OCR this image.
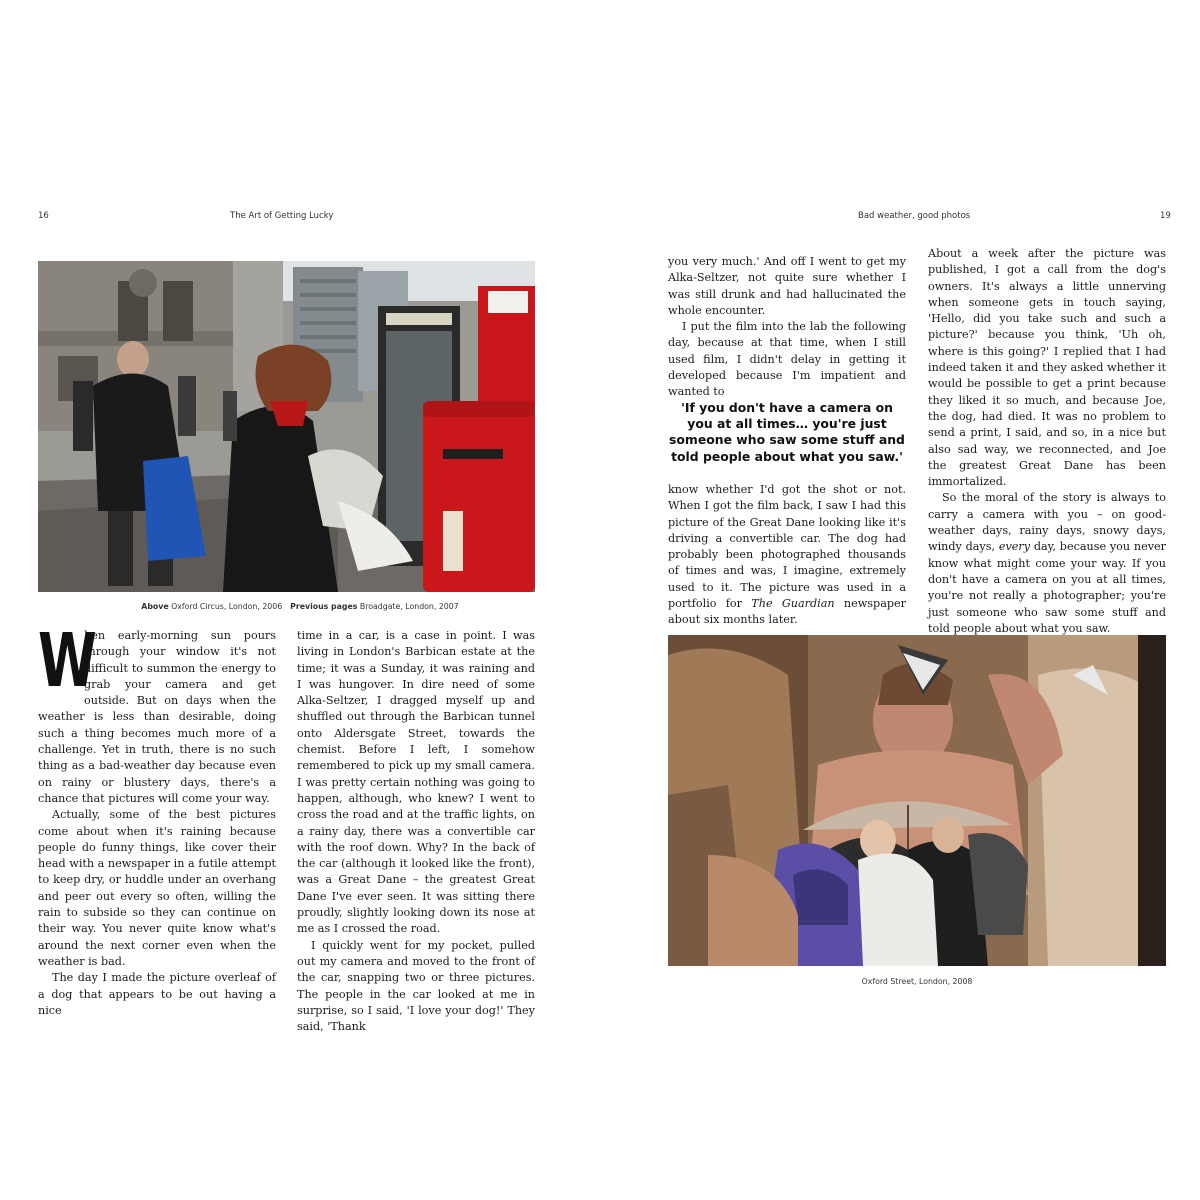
16	The Art of Getting Lucky
Above Oxford Circus, London, 2006 Previous pages Broadgate, London, 2007

W
hen early-morning sun pours through your window it's not difficult to summon the energy to grab your camera and get outside. But on days when the weather is less than desirable, doing such a thing becomes much more of a challenge. Yet in truth, there is no such thing as a bad-weather day because even on rainy or blustery days, there's a chance that pictures will come your way.

Actually, some of the best pictures come about when it's raining because people do funny things, like cover their head with a newspaper in a futile attempt to keep dry, or huddle under an overhang and peer out every so often, willing the rain to subside so they can continue on their way. You never quite know what's around the next corner even when the weather is bad.

The day I made the picture overleaf of a dog that appears to be out having a nice

time in a car, is a case in point. I was living in London's Barbican estate at the time; it was a Sunday, it was raining and I was hungover. In dire need of some Alka-Seltzer, I dragged myself up and shuffled out through the Barbican tunnel onto Aldersgate Street, towards the chemist. Before I left, I somehow remembered to pick up my small camera. I was pretty certain nothing was going to happen, although, who knew? I went to cross the road and at the traffic lights, on a rainy day, there was a convertible car with the roof down. Why? In the back of the car (although it looked like the front), was a Great Dane – the greatest Great Dane I've ever seen. It was sitting there proudly, slightly looking down its nose at me as I crossed the road.

I quickly went for my pocket, pulled out my camera and moved to the front of the car, snapping two or three pictures. The people in the car looked at me in surprise, so I said, 'I love your dog!' They said, 'Thank

Bad weather, good photos	19

you very much.' And off I went to get my Alka-Seltzer, not quite sure whether I was still drunk and had hallucinated the whole encounter.

I put the film into the lab the following day, because at that time, when I still used film, I didn't delay in getting it developed because I'm impatient and wanted to

'If you don't have a camera on you at all times… you're just someone who saw some stuff and told people about what you saw.'

know whether I'd got the shot or not. When I got the film back, I saw I had this picture of the Great Dane looking like it's driving a convertible car. The dog had probably been photographed thousands of times and was, I imagine, extremely used to it. The picture was used in a portfolio for The Guardian newspaper about six months later.

About a week after the picture was published, I got a call from the dog's owners. It's always a little unnerving when someone gets in touch saying, 'Hello, did you take such and such a picture?' because you think, 'Uh oh, where is this going?' I replied that I had indeed taken it and they asked whether it would be possible to get a print because they liked it so much, and because Joe, the dog, had died. It was no problem to send a print, I said, and so, in a nice but also sad way, we reconnected, and Joe the greatest Great Dane has been immortalized.

So the moral of the story is always to carry a camera with you – on good-weather days, rainy days, snowy days, windy days, every day, because you never know what might come your way. If you don't have a camera on you at all times, you're not really a photographer; you're just someone who saw some stuff and told people about what you saw.

Oxford Street, London, 2008
